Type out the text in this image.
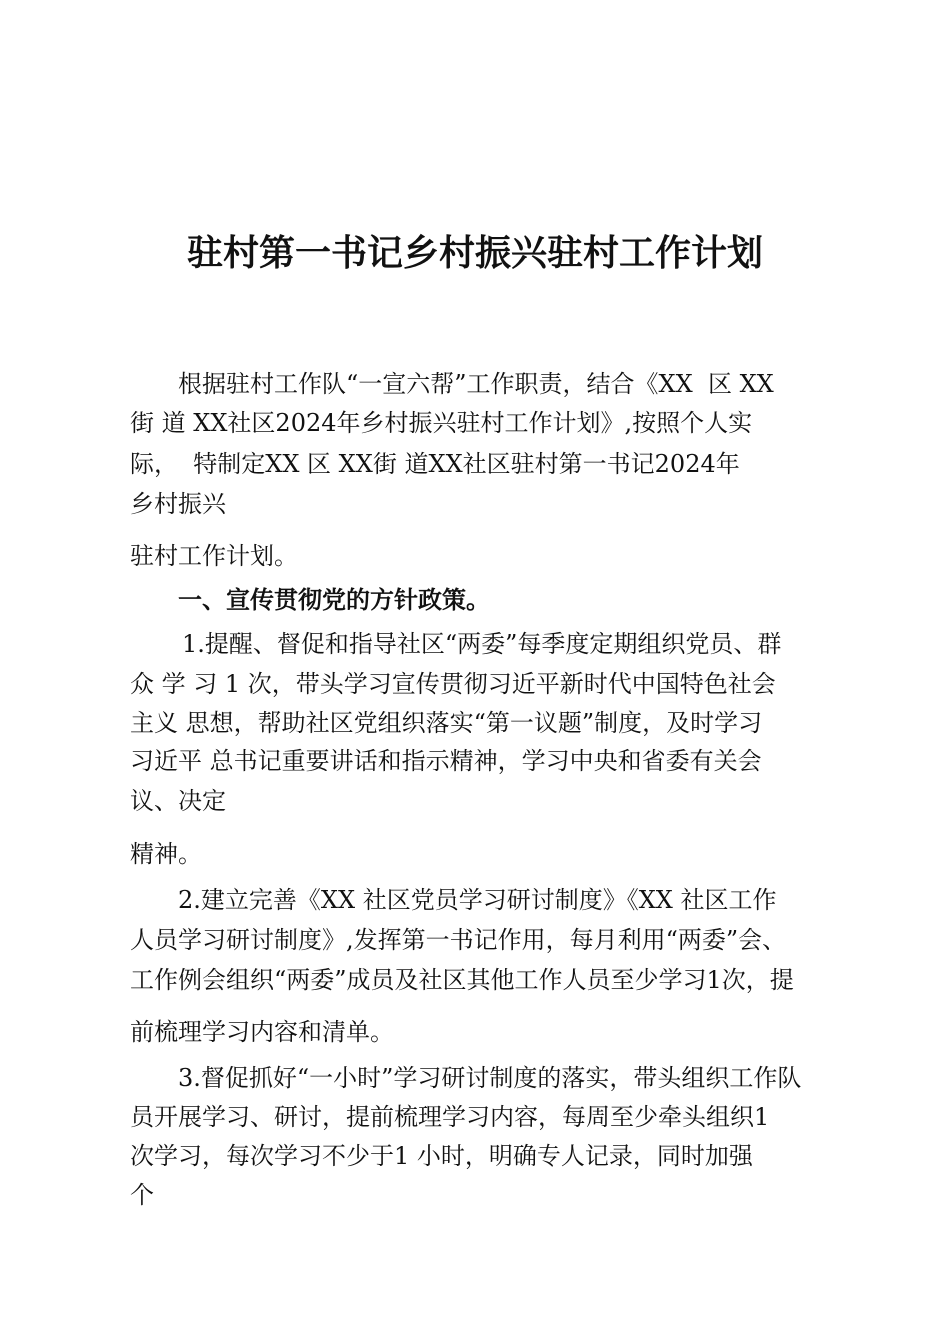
驻村第一书记乡村振兴驻村工作计划
根据驻村工作队“一宣六帮”工作职责，结合《XX  区 XX
街 道 XX社区2024年乡村振兴驻村工作计划》,按照个人实
际，  特制定XX 区 XX街 道XX社区驻村第一书记2024年
乡村振兴
驻村工作计划。
一、宣传贯彻党的方针政策。
1.提醒、督促和指导社区“两委”每季度定期组织党员、群
众 学 习 1 次，带头学习宣传贯彻习近平新时代中国特色社会
主义 思想，帮助社区党组织落实“第一议题”制度，及时学习
习近平 总书记重要讲话和指示精神，学习中央和省委有关会
议、决定
精神。
2.建立完善《XX 社区党员学习研讨制度》《XX 社区工作
人员学习研讨制度》,发挥第一书记作用，每月利用“两委”会、
工作例会组织“两委”成员及社区其他工作人员至少学习1次，提
前梳理学习内容和清单。
3.督促抓好“一小时”学习研讨制度的落实，带头组织工作队
员开展学习、研讨，提前梳理学习内容，每周至少牵头组织1
次学习，每次学习不少于1 小时，明确专人记录，同时加强
个
